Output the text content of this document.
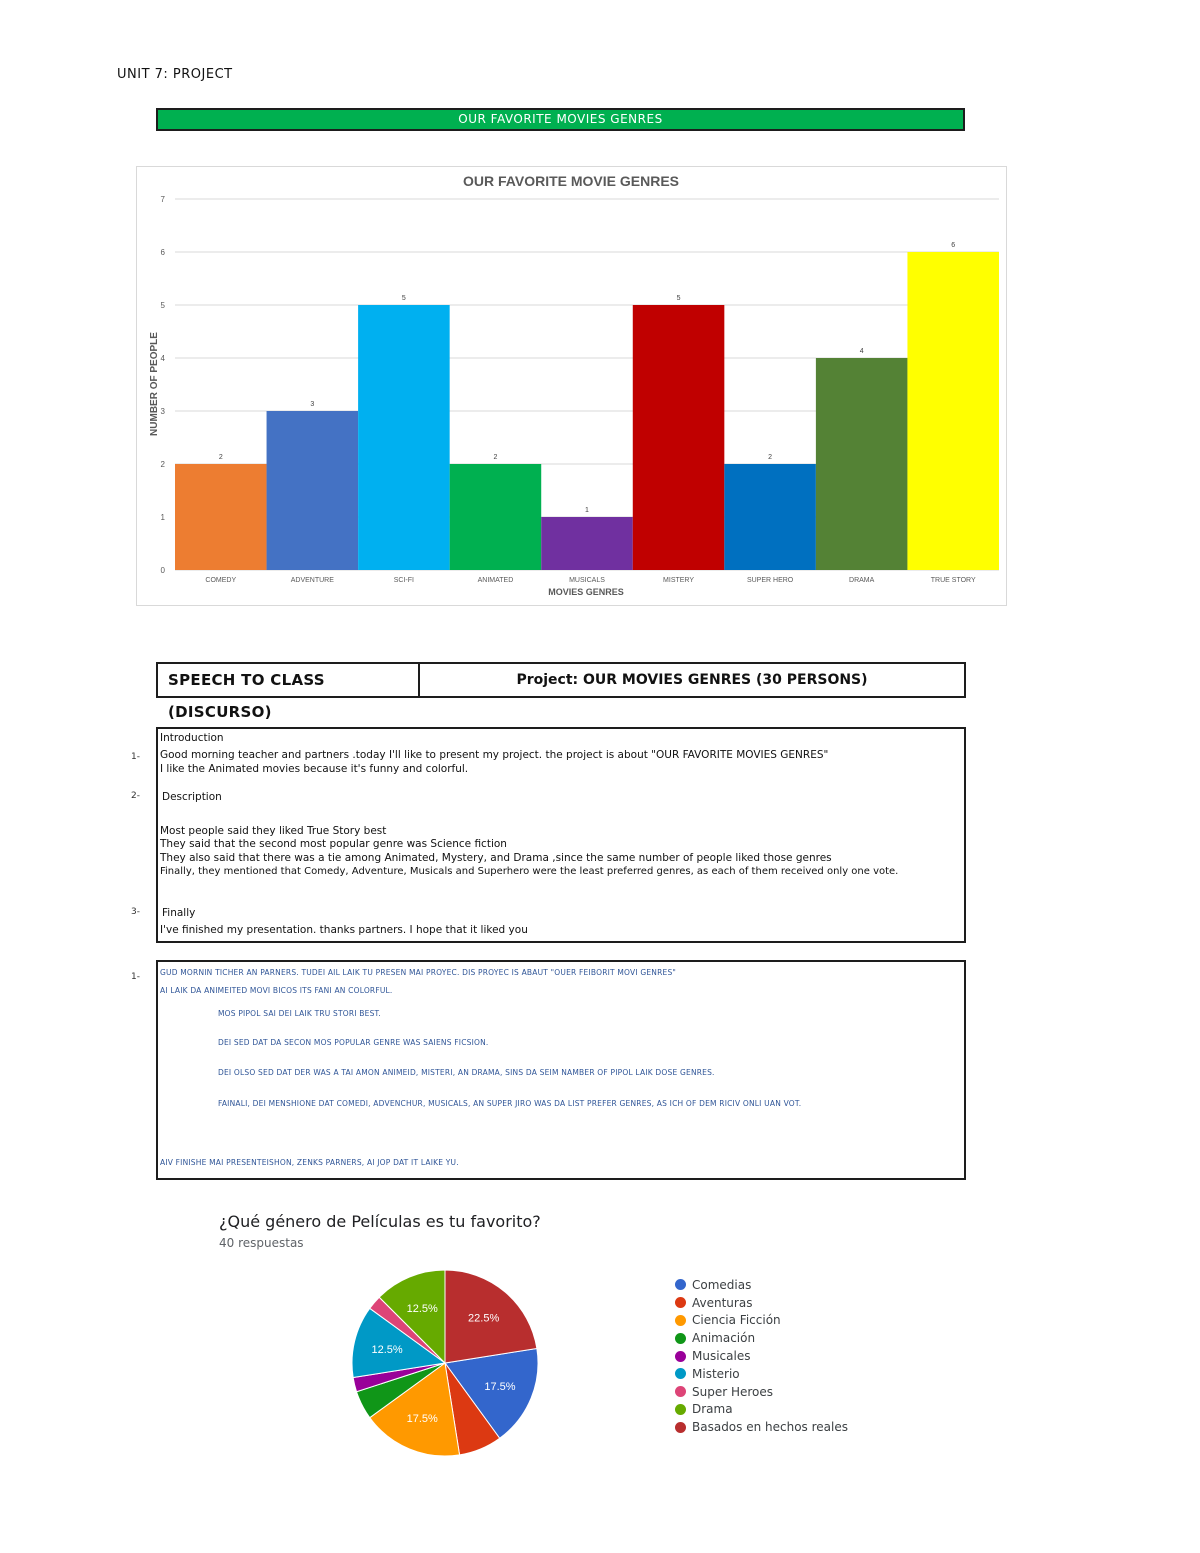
UNIT 7: PROJECT
OUR FAVORITE MOVIES GENRES
OUR FAVORITE MOVIE GENRES
0
1
2
3
4
5
6
7
2
COMEDY
3
ADVENTURE
5
SCI-FI
2
ANIMATED
1
MUSICALS
5
MISTERY
2
SUPER HERO
4
DRAMA
6
TRUE STORY
MOVIES GENRES
NUMBER OF PEOPLE
SPEECH TO CLASS (DISCURSO)
Project: OUR MOVIES GENRES (30 PERSONS)
1-
2-
3-
1-
Introduction
Good morning teacher and partners .today I'll like to present my project. the project is about "OUR FAVORITE MOVIES GENRES"
I like the Animated movies because it's funny and colorful.
Description
Most people said they liked True Story best
They said that the second most popular genre was Science fiction
They also said that there was a tie among Animated, Mystery, and Drama ,since the same number of people liked those genres
Finally, they mentioned that Comedy, Adventure, Musicals and Superhero were the least preferred genres, as each of them received only one vote.
Finally
I've finished my presentation. thanks partners. I hope that it liked you
GUD MORNIN TICHER AN PARNERS. TUDEI AIL LAIK TU PRESEN MAI PROYEC. DIS PROYEC IS ABAUT "OUER FEIBORIT MOVI GENRES"
AI LAIK DA ANIMEITED MOVI BICOS ITS FANI AN COLORFUL.
MOS PIPOL SAI DEI LAIK TRU STORI BEST.
DEI SED DAT DA SECON MOS POPULAR GENRE WAS SAIENS FICSION.
DEI OLSO SED DAT DER WAS A TAI AMON ANIMEID, MISTERI, AN DRAMA, SINS DA SEIM NAMBER OF PIPOL LAIK DOSE GENRES.
FAINALI, DEI MENSHIONE DAT COMEDI, ADVENCHUR, MUSICALS, AN SUPER JIRO WAS DA LIST PREFER GENRES, AS ICH OF DEM RICIV ONLI UAN VOT.
AIV FINISHE MAI PRESENTEISHON, ZENKS PARNERS, AI JOP DAT IT LAIKE YU.
¿Qué género de Películas es tu favorito?
40 respuestas
17.5%
17.5%
12.5%
12.5%
22.5%
Comedias
Aventuras
Ciencia Ficción
Animación
Musicales
Misterio
Super Heroes
Drama
Basados en hechos reales
